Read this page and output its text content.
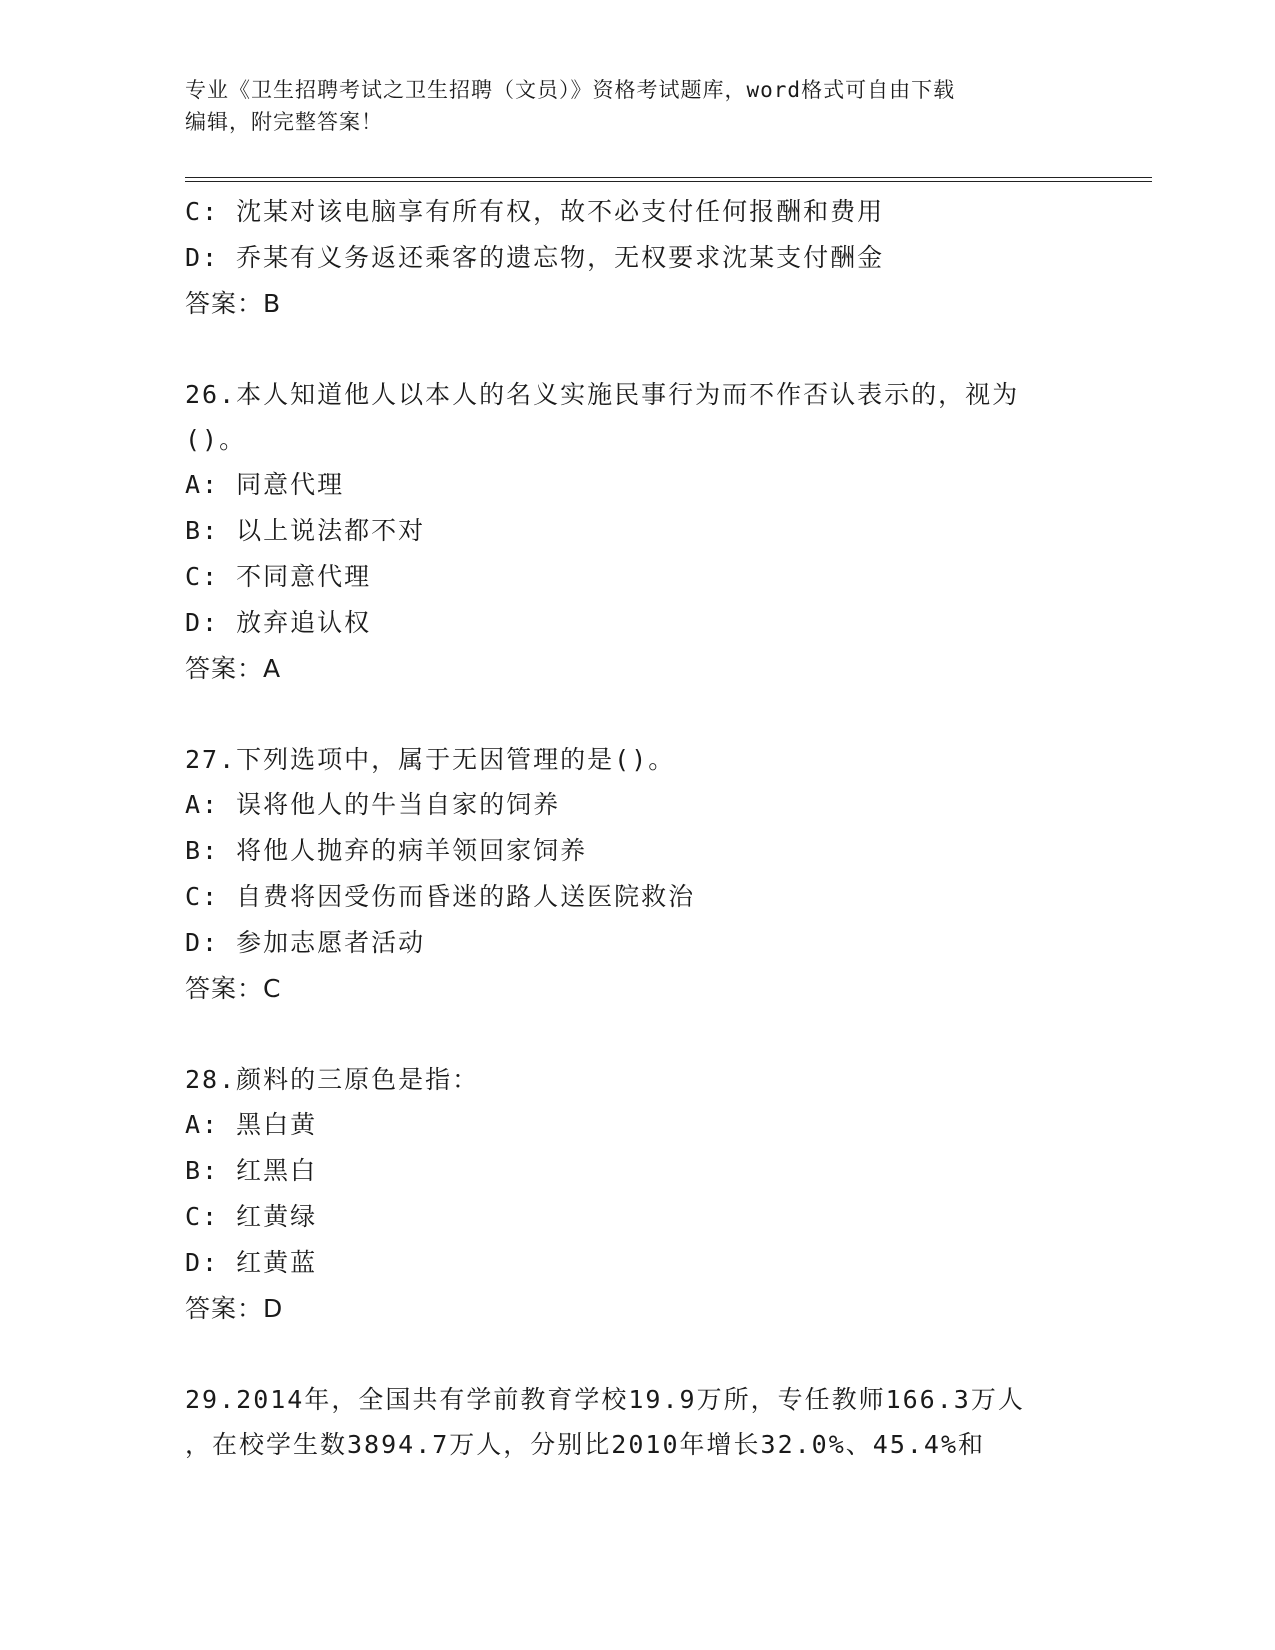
专业《卫生招聘考试之卫生招聘（文员）》资格考试题库，word格式可自由下载
编辑，附完整答案！
C: 沈某对该电脑享有所有权，故不必支付任何报酬和费用
D: 乔某有义务返还乘客的遗忘物，无权要求沈某支付酬金
答案：B
26.本人知道他人以本人的名义实施民事行为而不作否认表示的，视为
()。
A: 同意代理
B: 以上说法都不对
C: 不同意代理
D: 放弃追认权
答案：A
27.下列选项中，属于无因管理的是()。
A: 误将他人的牛当自家的饲养
B: 将他人抛弃的病羊领回家饲养
C: 自费将因受伤而昏迷的路人送医院救治
D: 参加志愿者活动
答案：C
28.颜料的三原色是指：
A: 黑白黄
B: 红黑白
C: 红黄绿
D: 红黄蓝
答案：D
29.2014年，全国共有学前教育学校19.9万所，专任教师166.3万人
，在校学生数3894.7万人，分别比2010年增长32.0%、45.4%和
